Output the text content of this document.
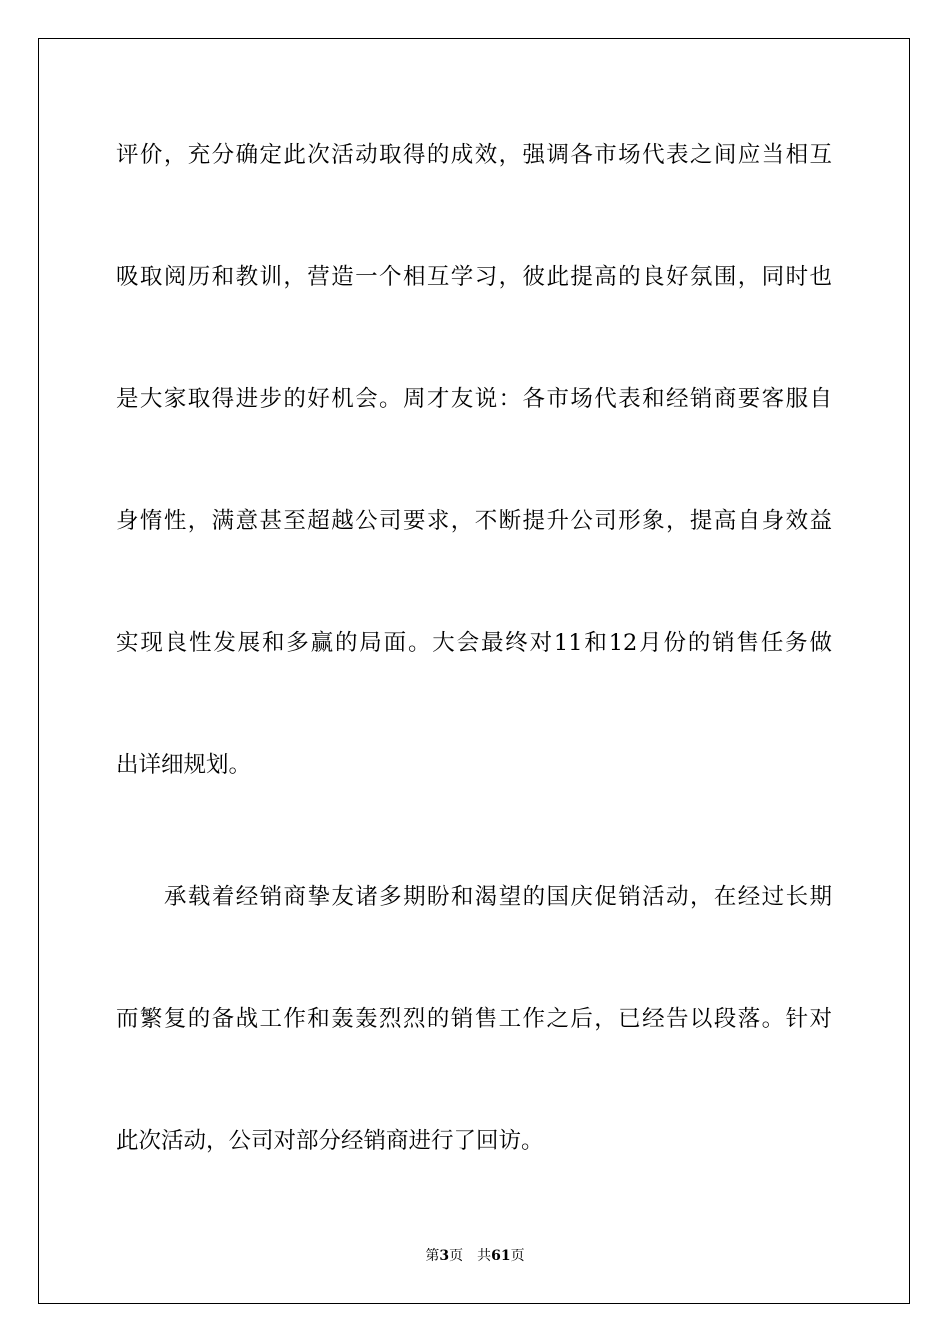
评价，充分确定此次活动取得的成效，强调各市场代表之间应当相互
吸取阅历和教训，营造一个相互学习，彼此提高的良好氛围，同时也
是大家取得进步的好机会。周才友说：各市场代表和经销商要客服自
身惰性，满意甚至超越公司要求，不断提升公司形象，提高自身效益
实现良性发展和多赢的局面。大会最终对11和12月份的销售任务做
出详细规划。
承载着经销商挚友诸多期盼和渴望的国庆促销活动，在经过长期
而繁复的备战工作和轰轰烈烈的销售工作之后，已经告以段落。针对
此次活动，公司对部分经销商进行了回访。
第3页 共61页
